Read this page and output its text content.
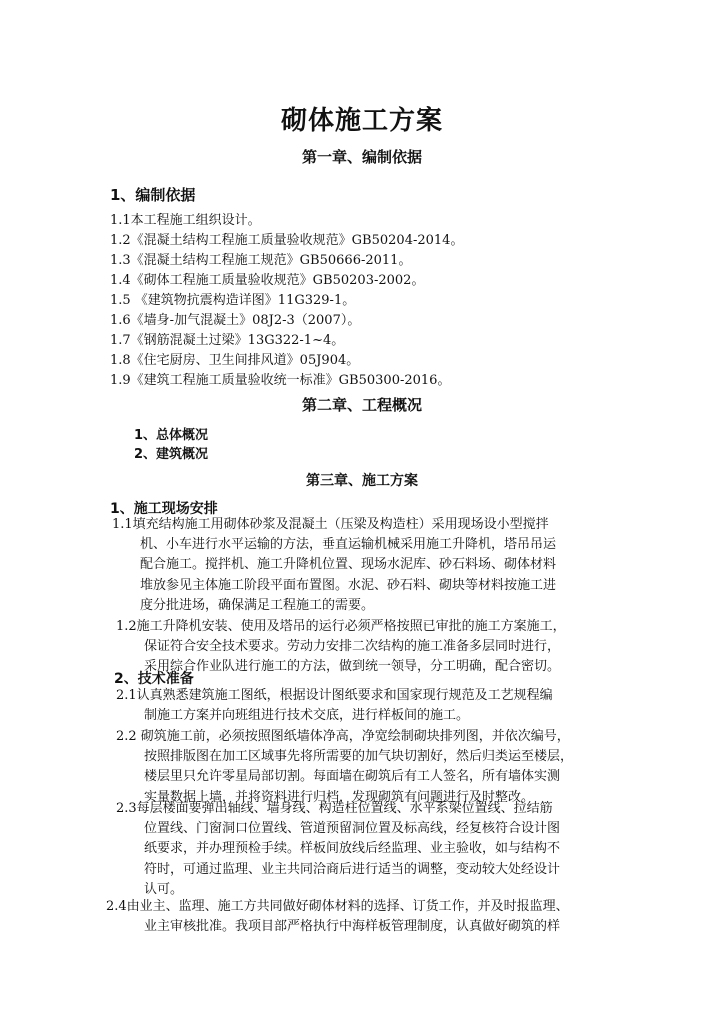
砌体施工方案
第一章、编制依据
1、编制依据
1.1本工程施工组织设计。
1.2《混凝土结构工程施工质量验收规范》GB50204-2014。
1.3《混凝土结构工程施工规范》GB50666-2011。
1.4《砌体工程施工质量验收规范》GB50203-2002。
1.5 《建筑物抗震构造详图》11G329-1。
1.6《墙身-加气混凝土》08J2-3（2007）。
1.7《钢筋混凝土过梁》13G322-1~4。
1.8《住宅厨房、卫生间排风道》05J904。
1.9《建筑工程施工质量验收统一标准》GB50300-2016。
第二章、工程概况
1、总体概况
2、建筑概况
第三章、施工方案
1、施工现场安排
1.1填充结构施工用砌体砂浆及混凝土（压梁及构造柱）采用现场设小型搅拌
机、小车进行水平运输的方法，垂直运输机械采用施工升降机，塔吊吊运
配合施工。搅拌机、施工升降机位置、现场水泥库、砂石料场、砌体材料
堆放参见主体施工阶段平面布置图。水泥、砂石料、砌块等材料按施工进
度分批进场，确保满足工程施工的需要。
1.2施工升降机安装、使用及塔吊的运行必须严格按照已审批的施工方案施工，
保证符合安全技术要求。劳动力安排二次结构的施工准备多层同时进行，
采用综合作业队进行施工的方法，做到统一领导，分工明确，配合密切。
2、技术准备
2.1认真熟悉建筑施工图纸，根据设计图纸要求和国家现行规范及工艺规程编
制施工方案并向班组进行技术交底，进行样板间的施工。
2.2 砌筑施工前，必须按照图纸墙体净高，净宽绘制砌块排列图，并依次编号，
按照排版图在加工区域事先将所需要的加气块切割好，然后归类运至楼层，
楼层里只允许零星局部切割。每面墙在砌筑后有工人签名，所有墙体实测
实量数据上墙，并将资料进行归档，发现砌筑有问题进行及时整改。
2.3每层楼面要弹出轴线、墙身线、构造柱位置线、水平系梁位置线、拉结筋
位置线、门窗洞口位置线、管道预留洞位置及标高线，经复核符合设计图
纸要求，并办理预检手续。样板间放线后经监理、业主验收，如与结构不
符时，可通过监理、业主共同洽商后进行适当的调整，变动较大处经设计
认可。
2.4由业主、监理、施工方共同做好砌体材料的选择、订货工作，并及时报监理、
业主审核批准。我项目部严格执行中海样板管理制度，认真做好砌筑的样
